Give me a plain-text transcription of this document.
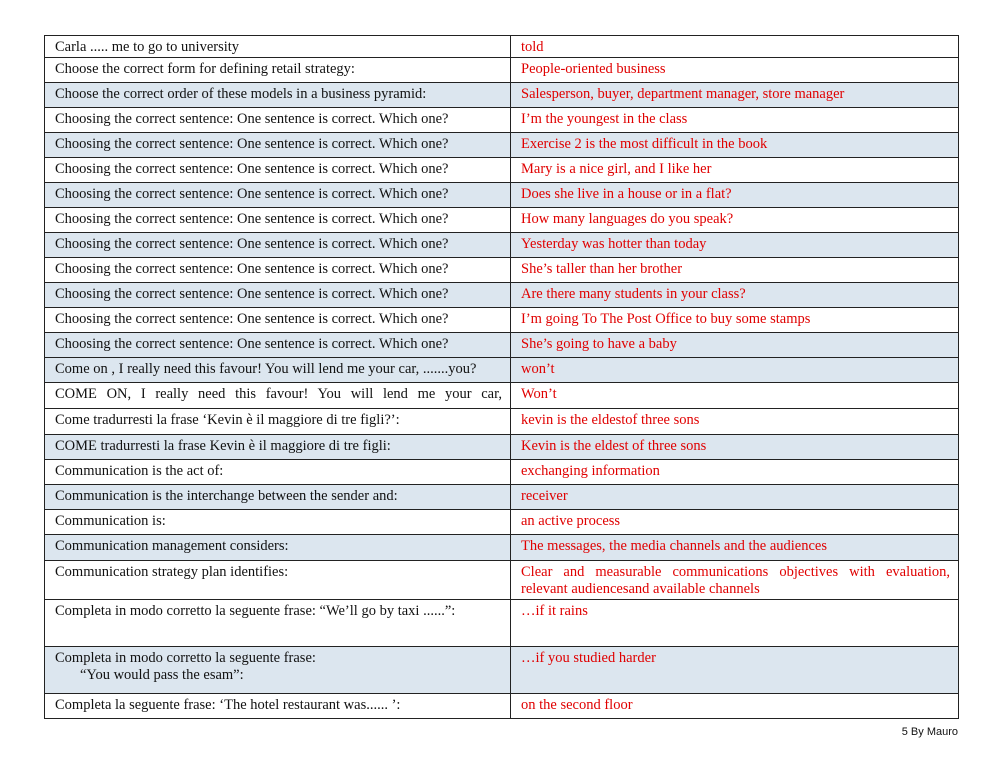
Carla ..... me to go to university	told
Choose the correct form for defining retail strategy:	People-oriented business
Choose the correct order of these models in a business pyramid:	Salesperson, buyer, department manager, store manager
Choosing the correct sentence: One sentence is correct. Which one?	I’m the youngest in the class
Choosing the correct sentence: One sentence is correct. Which one?	Exercise 2 is the most difficult in the book
Choosing the correct sentence: One sentence is correct. Which one?	Mary is a nice girl, and I like her
Choosing the correct sentence: One sentence is correct. Which one?	Does she live in a house or in a flat?
Choosing the correct sentence: One sentence is correct. Which one?	How many languages do you speak?
Choosing the correct sentence: One sentence is correct. Which one?	Yesterday was hotter than today
Choosing the correct sentence: One sentence is correct. Which one?	She’s taller than her brother
Choosing the correct sentence: One sentence is correct. Which one?	Are there many students in your class?
Choosing the correct sentence: One sentence is correct. Which one?	I’m going To The Post Office to buy some stamps
Choosing the correct sentence: One sentence is correct. Which one?	She’s going to have a baby
Come on , I really need this favour! You will lend me your car, .......you?	won’t
COME ON, I really need this favour! You will lend me your car,	Won’t
Come tradurresti la frase ‘Kevin è il maggiore di tre figli?’:	kevin is the eldestof three sons
COME tradurresti la frase Kevin è il maggiore di tre figli:	Kevin is the eldest of three sons
Communication is the act of:	exchanging information
Communication is the interchange between the sender and:	receiver
Communication is:	an active process
Communication management considers:	The messages, the media channels and the audiences
Communication strategy plan identifies:	Clear and measurable communications objectives with evaluation,
relevant audiencesand available channels

Completa in modo corretto la seguente frase: “We’ll go by taxi ......”:	…if it rains

Completa in modo corretto la seguente frase:
“You would pass the esam”:	…if you studied harder
Completa la seguente frase: ‘The hotel restaurant was...... ’:	on the second floor
5 By Mauro
